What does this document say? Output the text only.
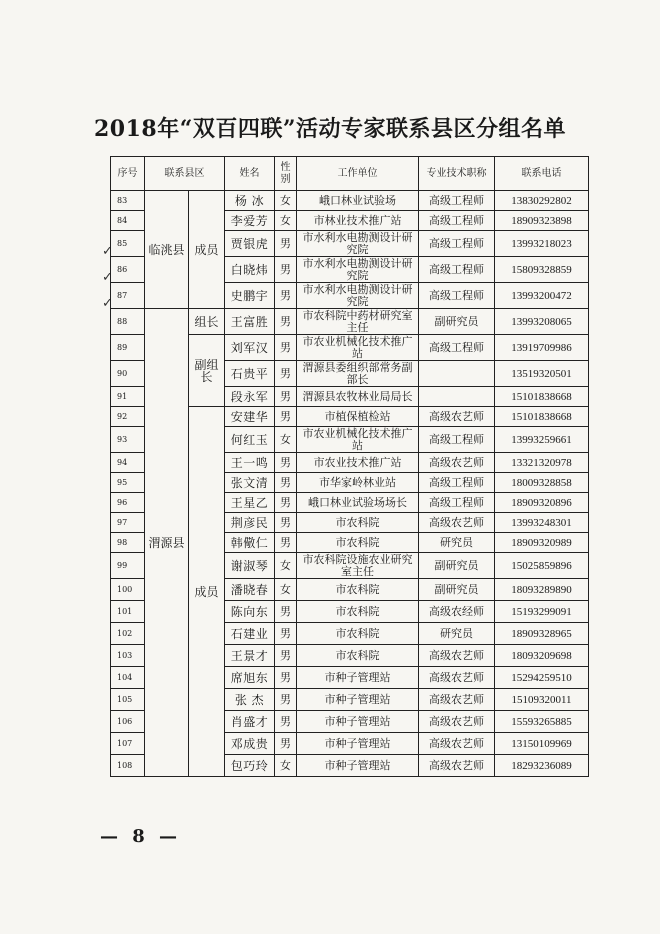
2018年“双百四联”活动专家联系县区分组名单
✓
✓
✓
序号	联系县区		姓名	性别	工作单位	专业技术职称	联系电话
83	临洮县	成员	杨 冰	女	峨口林业试验场	高级工程师	13830292802
84			李爱芳	女	市林业技术推广站	高级工程师	18909323898
85			贾银虎	男	市水利水电勘测设计研究院	高级工程师	13993218023
86			白晓炜	男	市水利水电勘测设计研究院	高级工程师	15809328859
87			史鹏宇	男	市水利水电勘测设计研究院	高级工程师	13993200472
88	渭源县	组长	王富胜	男	市农科院中药材研究室主任	副研究员	13993208065
89		副组长	刘军汉	男	市农业机械化技术推广站	高级工程师	13919709986
90			石贵平	男	渭源县委组织部常务副部长		13519320501
91			段永军	男	渭源县农牧林业局局长		15101838668
92		成员	安建华	男	市植保植检站	高级农艺师	15101838668
93			何红玉	女	市农业机械化技术推广站	高级工程师	13993259661
94			王一鸣	男	市农业技术推广站	高级农艺师	13321320978
95			张文清	男	市华家岭林业站	高级工程师	18009328858
96			王星乙	男	峨口林业试验场场长	高级工程师	18909320896
97			荆彦民	男	市农科院	高级农艺师	13993248301
98			韩儆仁	男	市农科院	研究员	18909320989
99			谢淑琴	女	市农科院设施农业研究室主任	副研究员	15025859896
100			潘晓春	女	市农科院	副研究员	18093289890
101			陈向东	男	市农科院	高级农经师	15193299091
102			石建业	男	市农科院	研究员	18909328965
103			王景才	男	市农科院	高级农艺师	18093209698
104			席旭东	男	市种子管理站	高级农艺师	15294259510
105			张 杰	男	市种子管理站	高级农艺师	15109320011
106			肖盛才	男	市种子管理站	高级农艺师	15593265885
107			邓成贵	男	市种子管理站	高级农艺师	13150109969
108			包巧玲	女	市种子管理站	高级农艺师	18293236089
— 8 —
